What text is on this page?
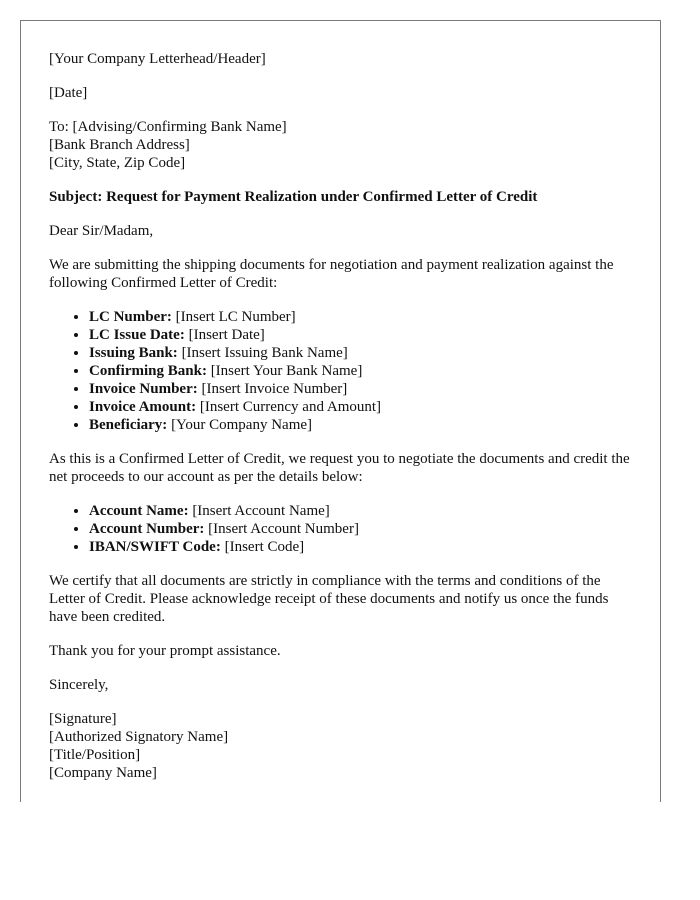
[Your Company Letterhead/Header]

[Date]

To: [Advising/Confirming Bank Name]
[Bank Branch Address]
[City, State, Zip Code]

Subject: Request for Payment Realization under Confirmed Letter of Credit

Dear Sir/Madam,

We are submitting the shipping documents for negotiation and payment realization against the following Confirmed Letter of Credit:

• LC Number: [Insert LC Number]
• LC Issue Date: [Insert Date]
• Issuing Bank: [Insert Issuing Bank Name]
• Confirming Bank: [Insert Your Bank Name]
• Invoice Number: [Insert Invoice Number]
• Invoice Amount: [Insert Currency and Amount]
• Beneficiary: [Your Company Name]

As this is a Confirmed Letter of Credit, we request you to negotiate the documents and credit the net proceeds to our account as per the details below:

• Account Name: [Insert Account Name]
• Account Number: [Insert Account Number]
• IBAN/SWIFT Code: [Insert Code]

We certify that all documents are strictly in compliance with the terms and conditions of the Letter of Credit. Please acknowledge receipt of these documents and notify us once the funds have been credited.

Thank you for your prompt assistance.

Sincerely,

[Signature]
[Authorized Signatory Name]
[Title/Position]
[Company Name]
